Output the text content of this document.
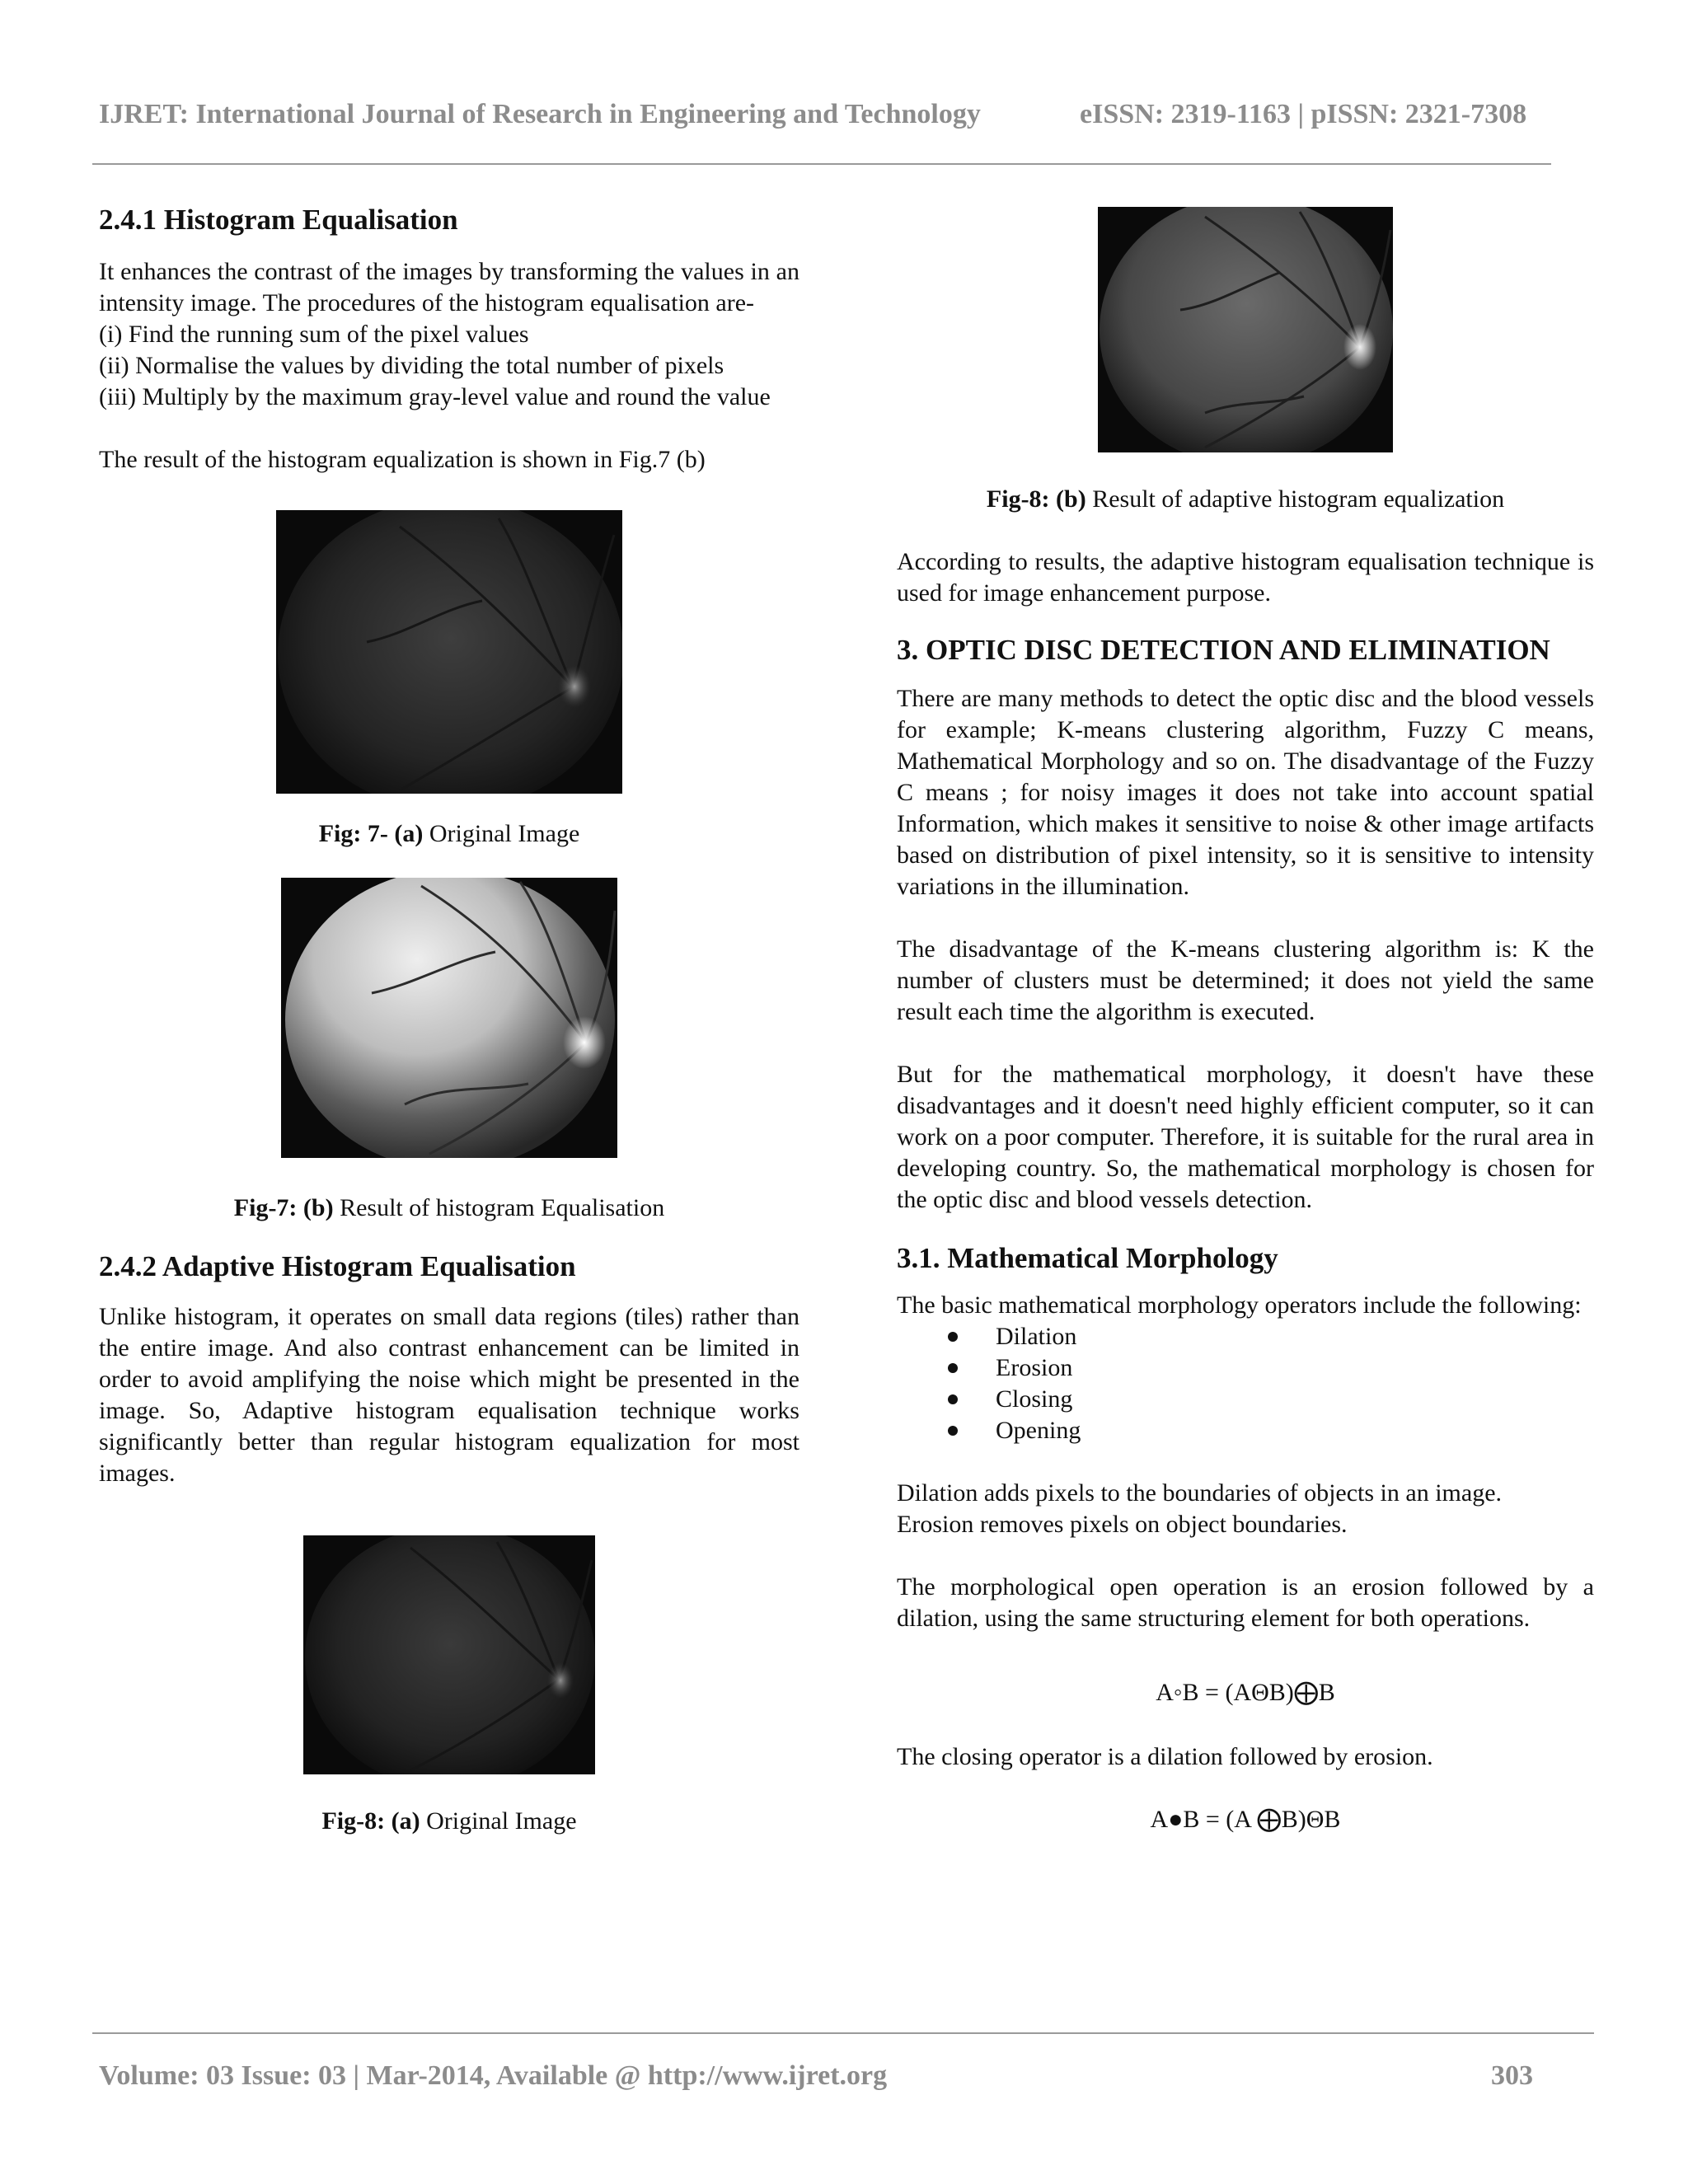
IJRET: International Journal of Research in Engineering and Technology	eISSN: 2319-1163 | pISSN: 2321-7308
2.4.1 Histogram Equalisation

It enhances the contrast of the images by transforming the values in an intensity image. The procedures of the histogram equalisation are-

(i) Find the running sum of the pixel values

(ii) Normalise the values by dividing the total number of pixels

(iii) Multiply by the maximum gray-level value and round the value

The result of the histogram equalization is shown in Fig.7 (b)

Fig: 7- (a) Original Image
Fig-7: (b) Result of histogram Equalisation
2.4.2 Adaptive Histogram Equalisation

Unlike histogram, it operates on small data regions (tiles) rather than the entire image. And also contrast enhancement can be limited in order to avoid amplifying the noise which might be presented in the image. So, Adaptive histogram equalisation technique works significantly better than regular histogram equalization for most images.

Fig-8: (a) Original Image
Fig-8: (b) Result of adaptive histogram equalization

According to results, the adaptive histogram equalisation technique is used for image enhancement purpose.

3. OPTIC DISC DETECTION AND ELIMINATION

There are many methods to detect the optic disc and the blood vessels for example; K-means clustering algorithm, Fuzzy C means, Mathematical Morphology and so on. The disadvantage of the Fuzzy C means ; for noisy images it does not take into account spatial Information, which makes it sensitive to noise & other image artifacts based on distribution of pixel intensity, so it is sensitive to intensity variations in the illumination.

The disadvantage of the K-means clustering algorithm is: K the number of clusters must be determined; it does not yield the same result each time the algorithm is executed.

But for the mathematical morphology, it doesn't have these disadvantages and it doesn't need highly efficient computer, so it can work on a poor computer. Therefore, it is suitable for the rural area in developing country. So, the mathematical morphology is chosen for the optic disc and blood vessels detection.

3.1. Mathematical Morphology

The basic mathematical morphology operators include the following:

Dilation
Erosion
Closing
Opening
Dilation adds pixels to the boundaries of objects in an image.
Erosion removes pixels on object boundaries.

The morphological open operation is an erosion followed by a dilation, using the same structuring element for both operations.

A◦B = (AΘB)⨁B
The closing operator is a dilation followed by erosion.
A●B = (A ⨁B)ΘB
Volume: 03 Issue: 03 | Mar-2014, Available @ http://www.ijret.org	303
